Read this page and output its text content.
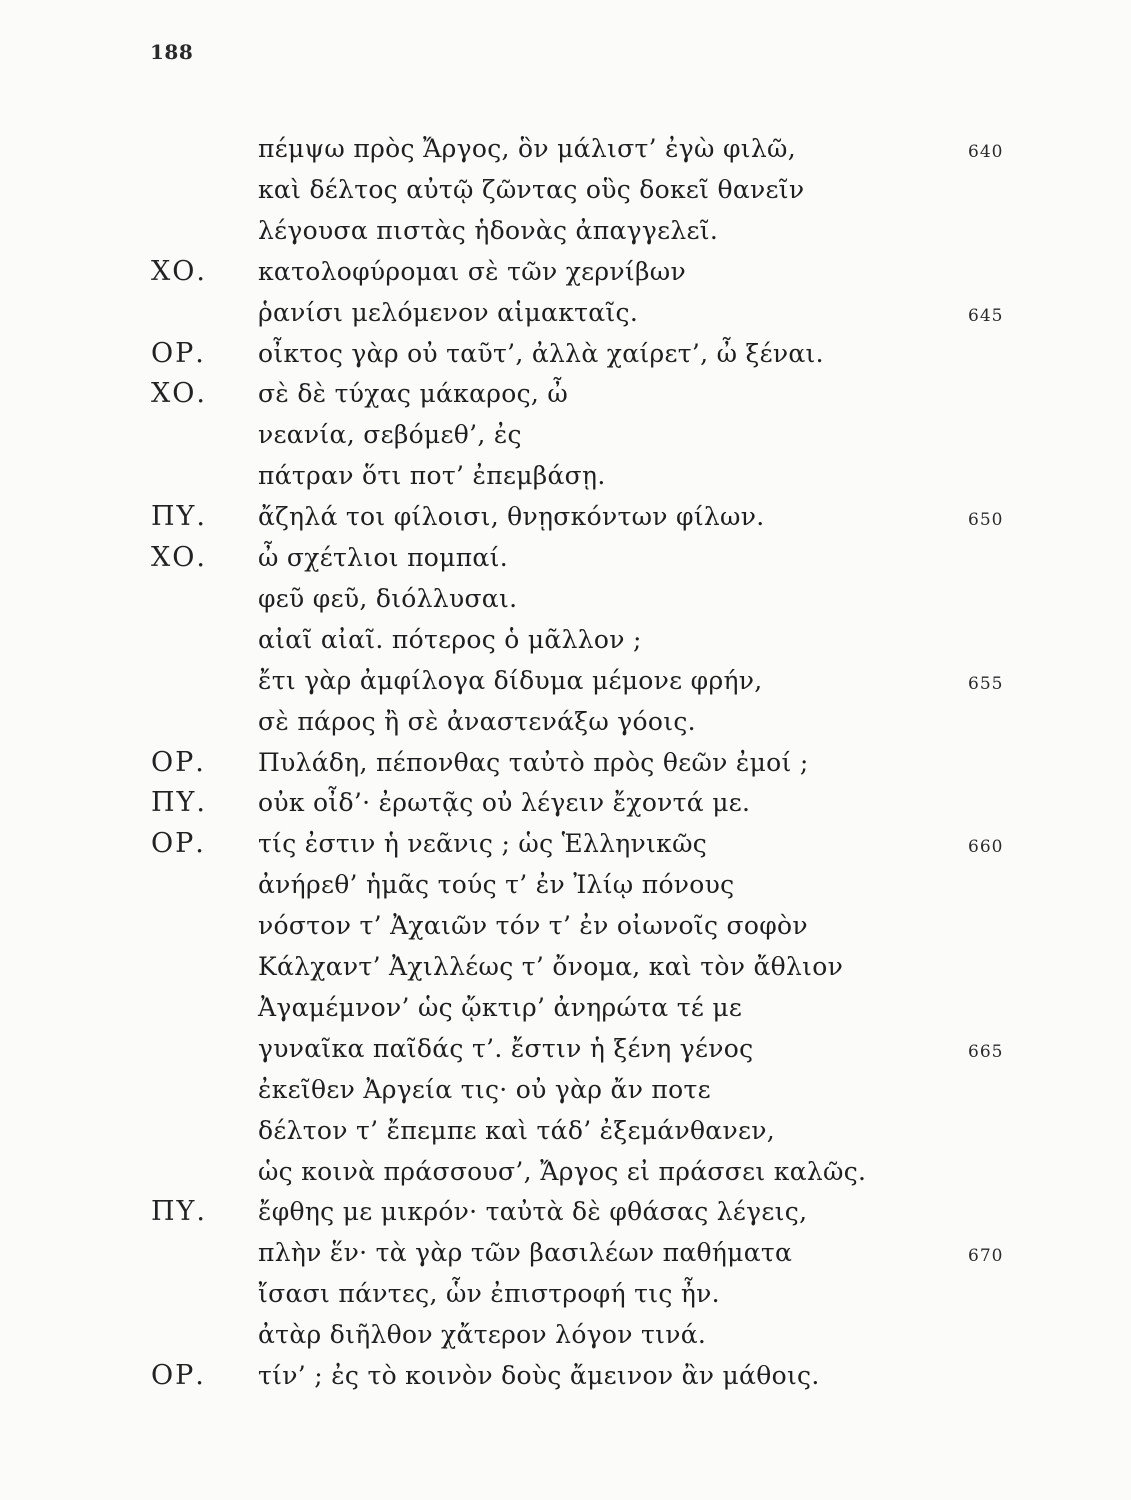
188
πέμψω πρὸς Ἄργος, ὃν μάλιστ’ ἐγὼ φιλῶ,	640
καὶ δέλτος αὐτῷ ζῶντας οὓς δοκεῖ θανεῖν
λέγουσα πιστὰς ἡδονὰς ἀπαγγελεῖ.
ΧΟ. κατολοφύρομαι σὲ τῶν χερνίβων
ῥανίσι μελόμενον αἱμακταῖς.	645
ΟΡ. οἶκτος γὰρ οὐ ταῦτ’, ἀλλὰ χαίρετ’, ὦ ξέναι.
ΧΟ. σὲ δὲ τύχας μάκαρος, ὦ
νεανία, σεβόμεθ’, ἐς
πάτραν ὅτι ποτ’ ἐπεμβάσῃ.
ΠΥ. ἄζηλά τοι φίλοισι, θνῃσκόντων φίλων.	650
ΧΟ. ὦ σχέτλιοι πομπαί.
φεῦ φεῦ, διόλλυσαι.
αἰαῖ αἰαῖ. πότερος ὁ μᾶλλον ;
ἔτι γὰρ ἀμφίλογα δίδυμα μέμονε φρήν,	655
σὲ πάρος ἢ σὲ ἀναστενάξω γόοις.
ΟΡ. Πυλάδη, πέπονθας ταὐτὸ πρὸς θεῶν ἐμοί ;
ΠΥ. οὐκ οἶδ’· ἐρωτᾷς οὐ λέγειν ἔχοντά με.
ΟΡ. τίς ἐστιν ἡ νεᾶνις ; ὡς Ἑλληνικῶς	660
ἀνήρεθ’ ἡμᾶς τούς τ’ ἐν Ἰλίῳ πόνους
νόστον τ’ Ἀχαιῶν τόν τ’ ἐν οἰωνοῖς σοφὸν
Κάλχαντ’ Ἀχιλλέως τ’ ὄνομα, καὶ τὸν ἄθλιον
Ἀγαμέμνον’ ὡς ᾤκτιρ’ ἀνηρώτα τέ με
γυναῖκα παῖδάς τ’. ἔστιν ἡ ξένη γένος	665
ἐκεῖθεν Ἀργεία τις· οὐ γὰρ ἄν ποτε
δέλτον τ’ ἔπεμπε καὶ τάδ’ ἐξεμάνθανεν,
ὡς κοινὰ πράσσουσ’, Ἄργος εἰ πράσσει καλῶς.
ΠΥ. ἔφθης με μικρόν· ταὐτὰ δὲ φθάσας λέγεις,
πλὴν ἕν· τὰ γὰρ τῶν βασιλέων παθήματα	670
ἴσασι πάντες, ὧν ἐπιστροφή τις ἦν.
ἀτὰρ διῆλθον χἄτερον λόγον τινά.
ΟΡ. τίν’ ; ἐς τὸ κοινὸν δοὺς ἄμεινον ἂν μάθοις.
